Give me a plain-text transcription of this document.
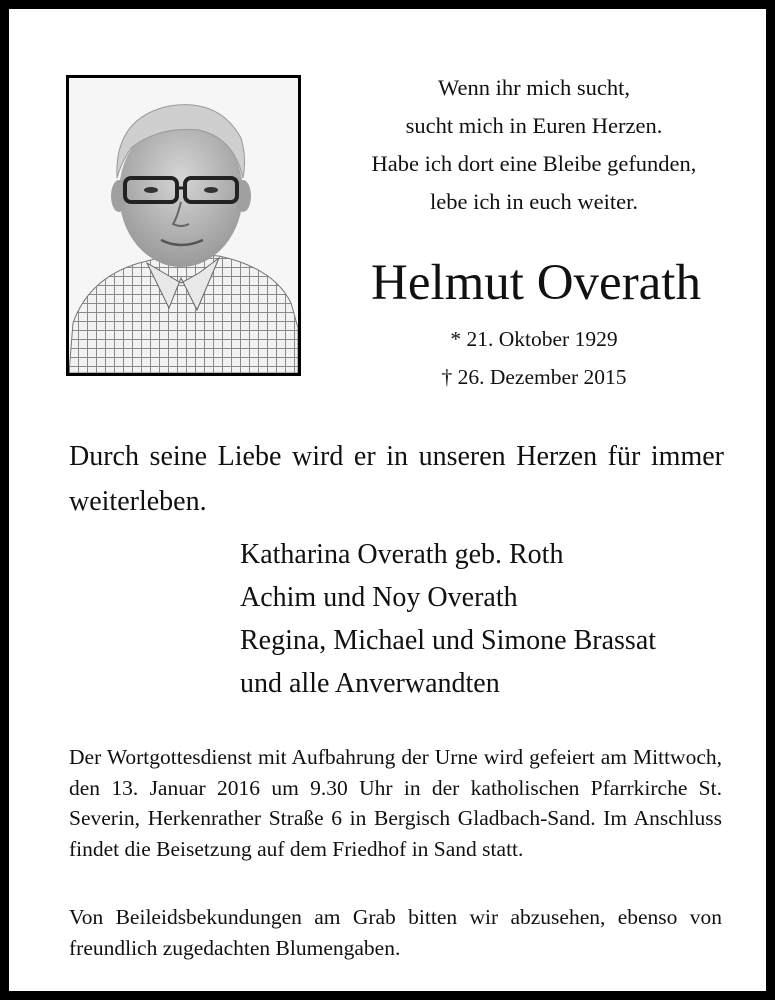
Wenn ihr mich sucht,
sucht mich in Euren Herzen.
Habe ich dort eine Bleibe gefunden,
lebe ich in euch weiter.
Helmut Overath
* 21. Oktober 1929
† 26. Dezember 2015
Durch seine Liebe wird er in unseren Herzen für immer weiterleben.
Katharina Overath geb. Roth
Achim und Noy Overath
Regina, Michael und Simone Brassat
und alle Anverwandten
Der Wortgottesdienst mit Aufbahrung der Urne wird gefeiert am Mittwoch, den 13. Januar 2016 um 9.30 Uhr in der katholischen Pfarrkirche St. Severin, Herkenrather Straße 6 in Bergisch Gladbach-Sand. Im Anschluss findet die Beisetzung auf dem Friedhof in Sand statt.
Von Beileidsbekundungen am Grab bitten wir abzusehen, ebenso von freundlich zugedachten Blumengaben.
